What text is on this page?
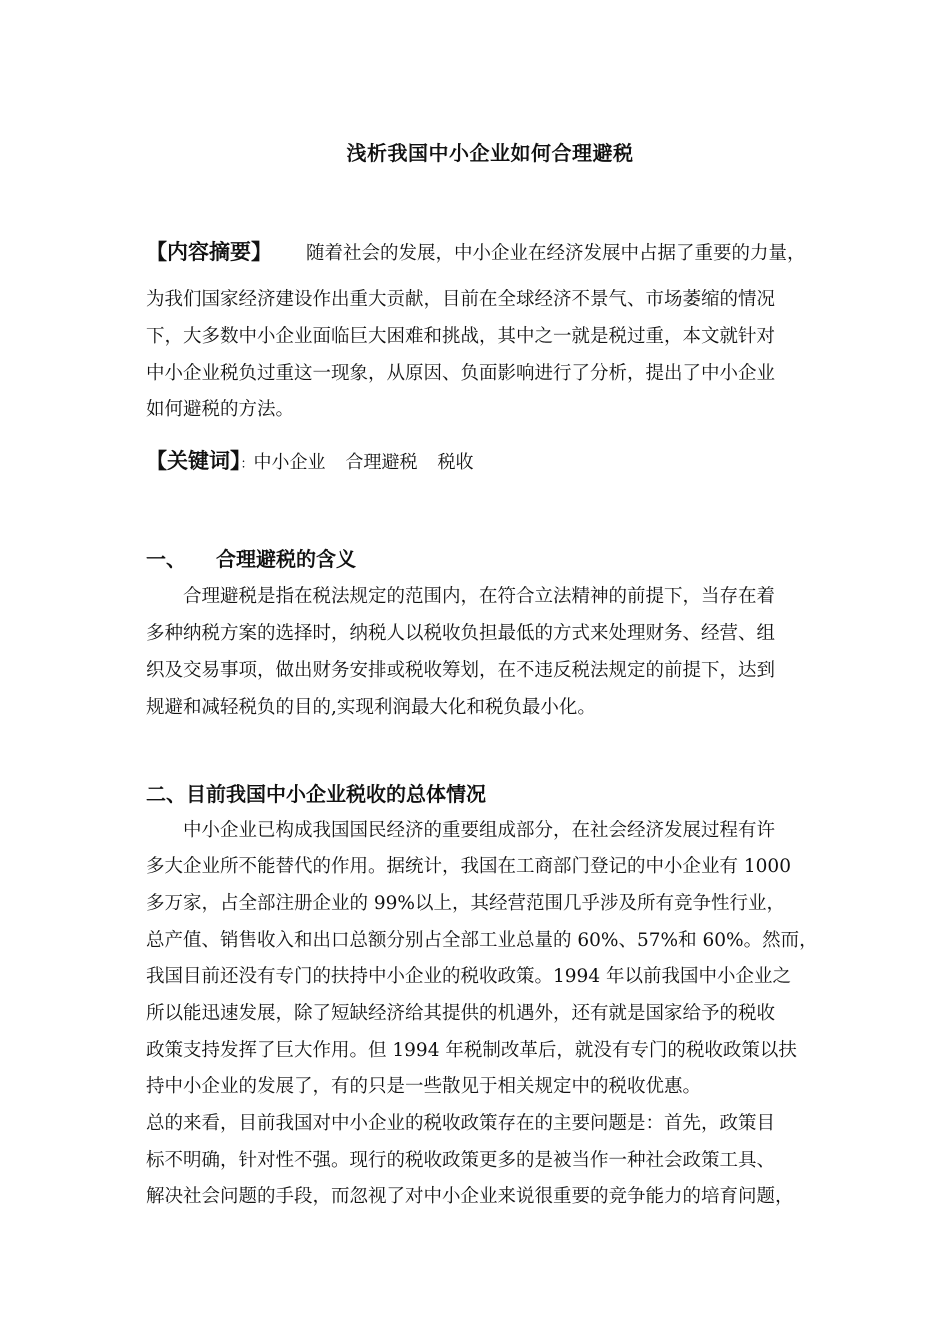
浅析我国中小企业如何合理避税
【内容摘要】 随着社会的发展，中小企业在经济发展中占据了重要的力量，
为我们国家经济建设作出重大贡献，目前在全球经济不景气、市场萎缩的情况
下，大多数中小企业面临巨大困难和挑战，其中之一就是税过重，本文就针对
中小企业税负过重这一现象，从原因、负面影响进行了分析，提出了中小企业
如何避税的方法。
【关键词】：中小企业 合理避税 税收
一、 合理避税的含义
合理避税是指在税法规定的范围内，在符合立法精神的前提下，当存在着
多种纳税方案的选择时，纳税人以税收负担最低的方式来处理财务、经营、组
织及交易事项，做出财务安排或税收筹划，在不违反税法规定的前提下，达到
规避和减轻税负的目的,实现利润最大化和税负最小化。
二、目前我国中小企业税收的总体情况
中小企业已构成我国国民经济的重要组成部分，在社会经济发展过程有许
多大企业所不能替代的作用。据统计，我国在工商部门登记的中小企业有 1000
多万家，占全部注册企业的 99%以上，其经营范围几乎涉及所有竞争性行业，
总产值、销售收入和出口总额分别占全部工业总量的 60%、57%和 60%。然而，
我国目前还没有专门的扶持中小企业的税收政策。1994 年以前我国中小企业之
所以能迅速发展，除了短缺经济给其提供的机遇外，还有就是国家给予的税收
政策支持发挥了巨大作用。但 1994 年税制改革后，就没有专门的税收政策以扶
持中小企业的发展了，有的只是一些散见于相关规定中的税收优惠。
总的来看，目前我国对中小企业的税收政策存在的主要问题是：首先，政策目
标不明确，针对性不强。现行的税收政策更多的是被当作一种社会政策工具、
解决社会问题的手段，而忽视了对中小企业来说很重要的竞争能力的培育问题，
